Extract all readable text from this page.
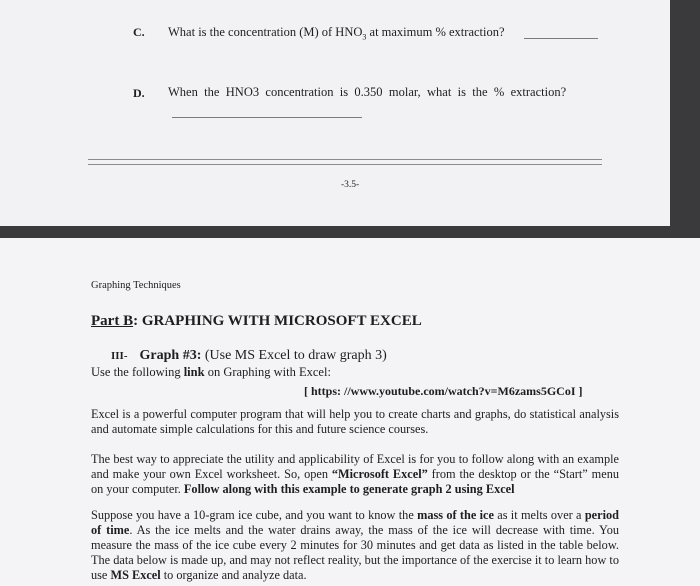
C. What is the concentration (M) of $HNO_3$ at maximum % extraction?
D. When the HNO3 concentration is 0.350 molar, what is the % extraction?
-3.5-
Graphing Techniques
Part B: GRAPHING WITH MICROSOFT EXCEL
III- Graph #3: (Use MS Excel to draw graph 3)
Use the following link on Graphing with Excel:
[ https: //www.youtube.com/watch?v=M6zams5GCoI ]

Excel is a powerful computer program that will help you to create charts and graphs, do statistical analysis and automate simple calculations for this and future science courses.

The best way to appreciate the utility and applicability of Excel is for you to follow along with an example and make your own Excel worksheet. So, open “Microsoft Excel” from the desktop or the “Start” menu on your computer. Follow along with this example to generate graph 2 using Excel

Suppose you have a 10-gram ice cube, and you want to know the mass of the ice as it melts over a period of time. As the ice melts and the water drains away, the mass of the ice will decrease with time. You measure the mass of the ice cube every 2 minutes for 30 minutes and get data as listed in the table below. The data below is made up, and may not reflect reality, but the importance of the exercise it to learn how to use MS Excel to organize and analyze data.
